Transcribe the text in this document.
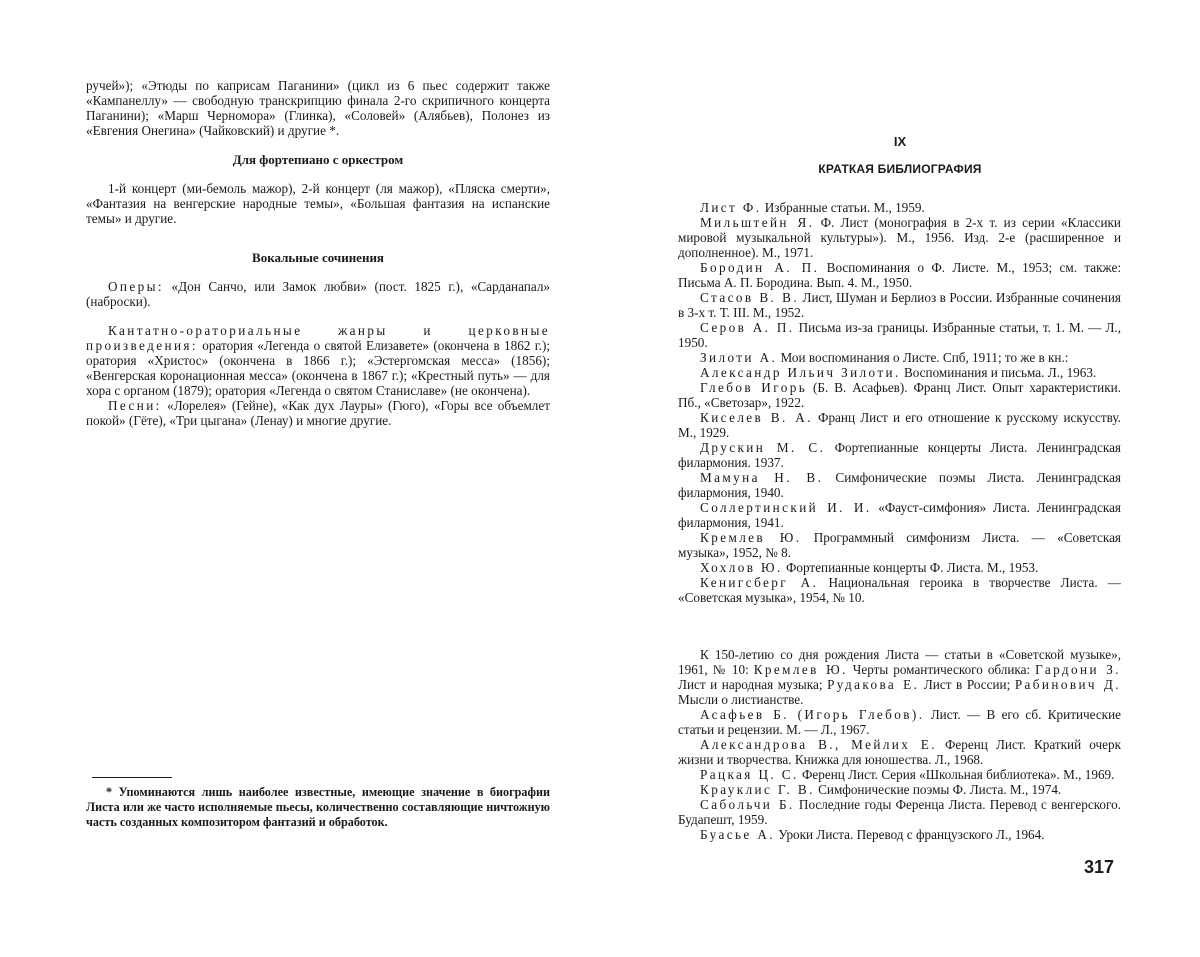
ручей»); «Этюды по каприсам Паганини» (цикл из 6 пьес содержит также «Кампанеллу» — свободную транскрипцию финала 2-го скрипичного концерта Паганини); «Марш Черномора» (Глинка), «Соловей» (Алябьев), Полонез из «Евгения Онегина» (Чайковский) и другие *.

Для фортепиано с оркестром

1-й концерт (ми-бемоль мажор), 2-й концерт (ля мажор), «Пляска смерти», «Фантазия на венгерские народные темы», «Большая фантазия на испанские темы» и другие.

Вокальные сочинения

Оперы: «Дон Санчо, или Замок любви» (пост. 1825 г.), «Сарданапал» (наброски).

Кантатно-ораториальные жанры и церковные произведения: оратория «Легенда о святой Елизавете» (окончена в 1862 г.); оратория «Христос» (окончена в 1866 г.); «Эстергомская месса» (1856); «Венгерская коронационная месса» (окончена в 1867 г.); «Крестный путь» — для хора с органом (1879); оратория «Легенда о святом Станиславе» (не окончена).

Песни: «Лорелея» (Гейне), «Как дух Лауры» (Гюго), «Горы все объемлет покой» (Гёте), «Три цыгана» (Ленау) и многие другие.

* Упоминаются лишь наиболее известные, имеющие значение в биографии Листа или же часто исполняемые пьесы, количественно составляющие ничтожную часть созданных композитором фантазий и обработок.

IX
КРАТКАЯ БИБЛИОГРАФИЯ

Лист Ф. Избранные статьи. М., 1959.

Мильштейн Я. Ф. Лист (монография в 2-х т. из серии «Классики мировой музыкальной культуры»). М., 1956. Изд. 2-е (расширенное и дополненное). М., 1971.

Бородин А. П. Воспоминания о Ф. Листе. М., 1953; см. также: Письма А. П. Бородина. Вып. 4. М., 1950.

Стасов В. В. Лист, Шуман и Берлиоз в России. Избранные сочинения в 3-х т. Т. III. М., 1952.

Серов А. П. Письма из-за границы. Избранные статьи, т. 1. М. — Л., 1950.

Зилоти А. Мои воспоминания о Листе. Спб, 1911; то же в кн.:

Александр Ильич Зилоти. Воспоминания и письма. Л., 1963.

Глебов Игорь (Б. В. Асафьев). Франц Лист. Опыт характеристики. Пб., «Светозар», 1922.

Киселев В. А. Франц Лист и его отношение к русскому искусству. М., 1929.

Друскин М. С. Фортепианные концерты Листа. Ленинградская филармония. 1937.

Мамуна Н. В. Симфонические поэмы Листа. Ленинградская филармония, 1940.

Соллертинский И. И. «Фауст-симфония» Листа. Ленинградская филармония, 1941.

Кремлев Ю. Программный симфонизм Листа. — «Советская музыка», 1952, № 8.

Хохлов Ю. Фортепианные концерты Ф. Листа. М., 1953.

Кенигсберг А. Национальная героика в творчестве Листа. — «Советская музыка», 1954, № 10.

К 150-летию со дня рождения Листа — статьи в «Советской музыке», 1961, № 10: Кремлев Ю. Черты романтического облика: Гардони З. Лист и народная музыка; Рудакова Е. Лист в России; Рабинович Д. Мысли о листианстве.

Асафьев Б. (Игорь Глебов). Лист. — В его сб. Критические статьи и рецензии. М. — Л., 1967.

Александрова В., Мейлих Е. Ференц Лист. Краткий очерк жизни и творчества. Книжка для юношества. Л., 1968.

Рацкая Ц. С. Ференц Лист. Серия «Школьная библиотека». М., 1969.

Крауклис Г. В. Симфонические поэмы Ф. Листа. М., 1974.

Сабольчи Б. Последние годы Ференца Листа. Перевод с венгерского. Будапешт, 1959.

Буасье А. Уроки Листа. Перевод с французского Л., 1964.

317
